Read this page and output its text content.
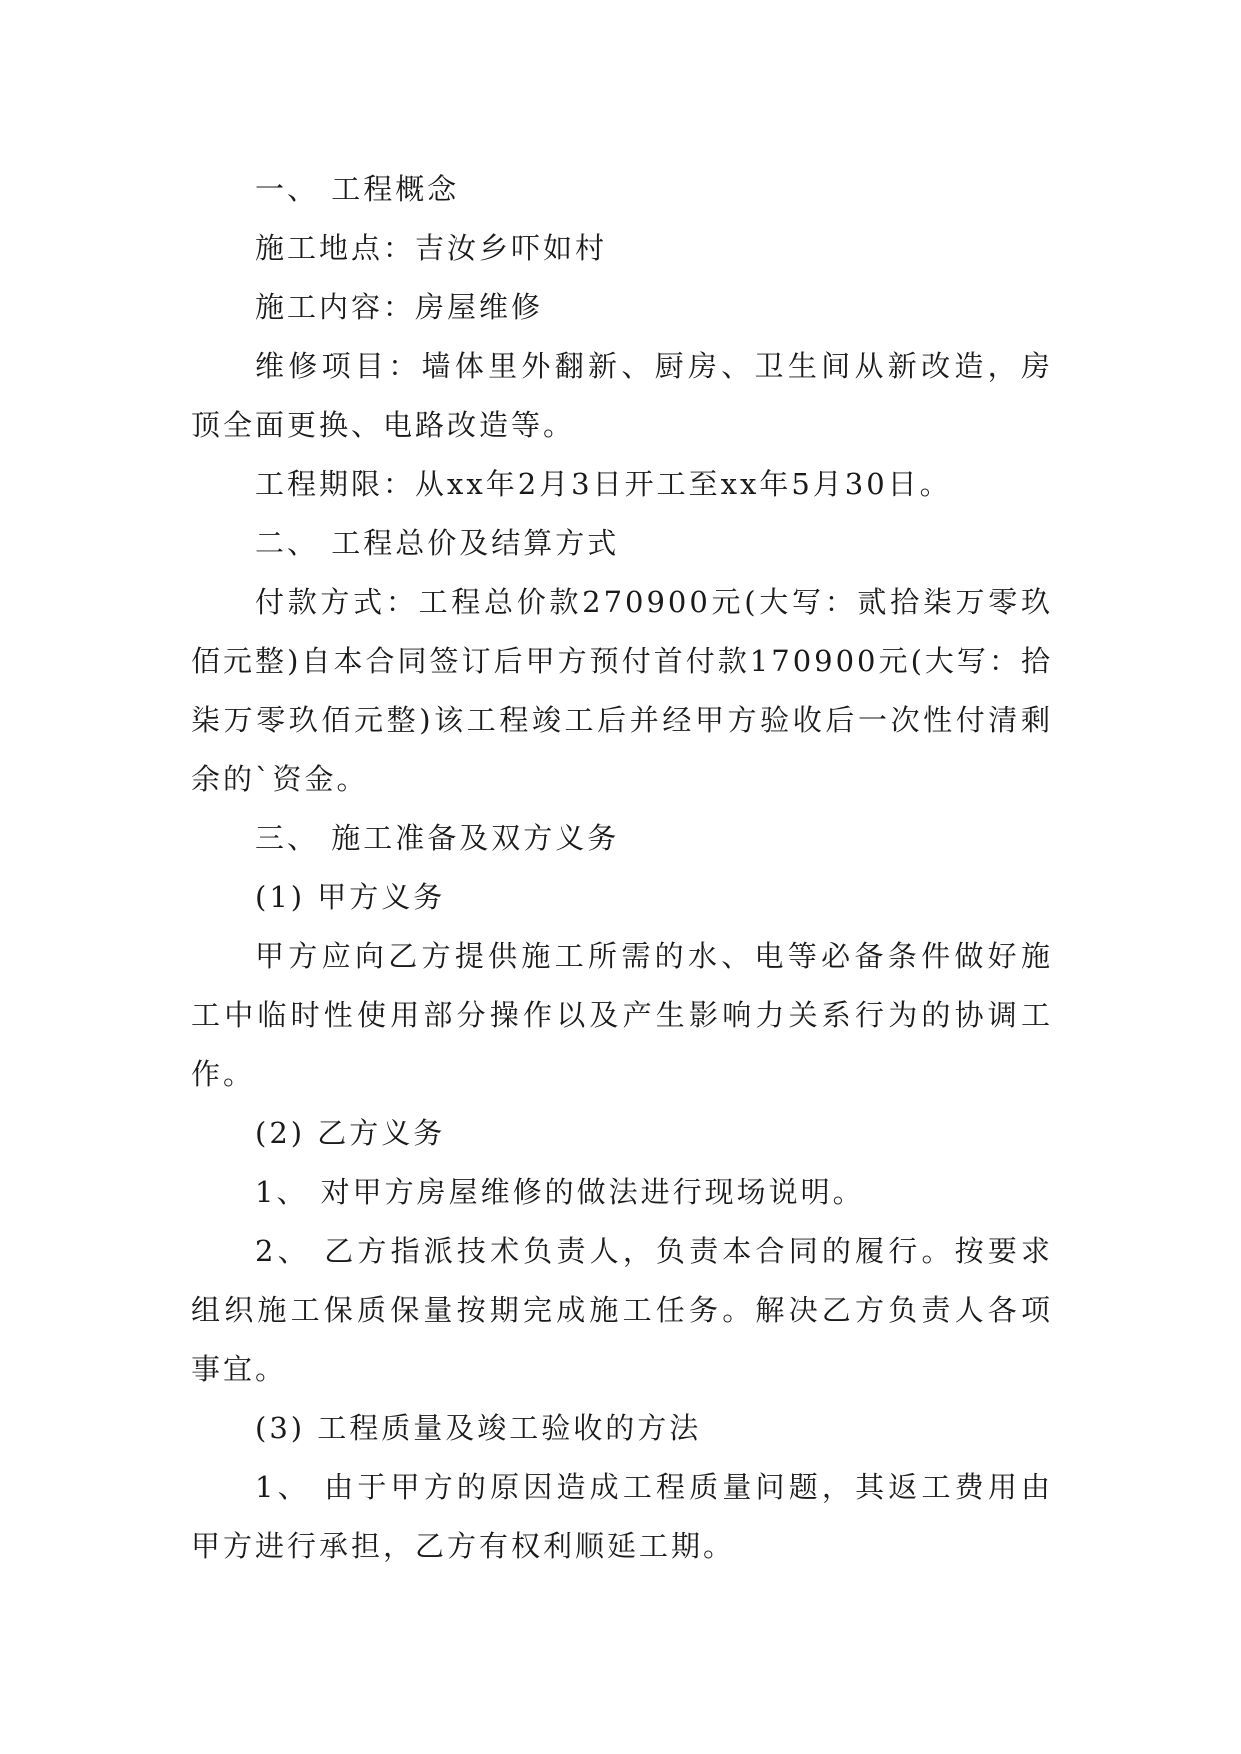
一、 工程概念

施工地点：吉汝乡吓如村

施工内容：房屋维修

维修项目：墙体里外翻新、厨房、卫生间从新改造，房顶全面更换、电路改造等。

工程期限：从xx年2月3日开工至xx年5月30日。

二、 工程总价及结算方式

付款方式：工程总价款270900元(大写：贰拾柒万零玖佰元整)自本合同签订后甲方预付首付款170900元(大写：拾柒万零玖佰元整)该工程竣工后并经甲方验收后一次性付清剩余的`资金。

三、 施工准备及双方义务

(1) 甲方义务

甲方应向乙方提供施工所需的水、电等必备条件做好施工中临时性使用部分操作以及产生影响力关系行为的协调工作。

(2) 乙方义务

1、 对甲方房屋维修的做法进行现场说明。

2、 乙方指派技术负责人，负责本合同的履行。按要求组织施工保质保量按期完成施工任务。解决乙方负责人各项事宜。

(3) 工程质量及竣工验收的方法

1、 由于甲方的原因造成工程质量问题，其返工费用由甲方进行承担，乙方有权利顺延工期。
